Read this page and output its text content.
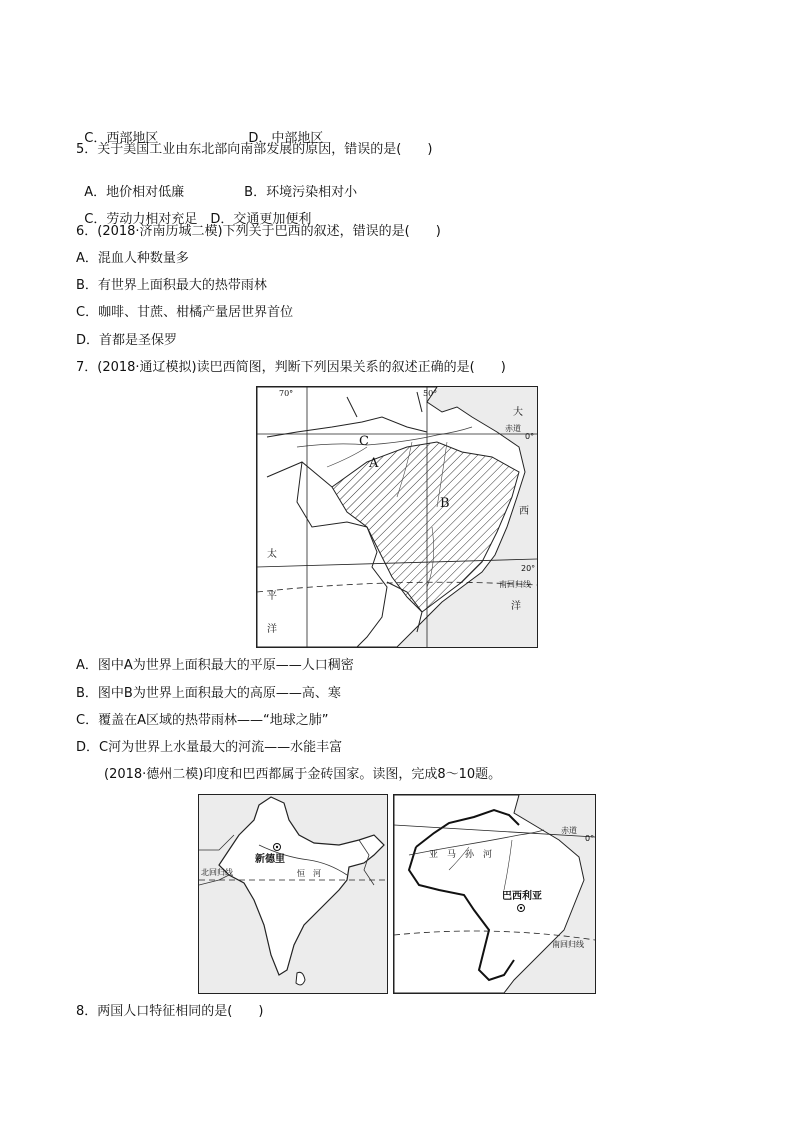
C．西部地区	D．中部地区

5．关于美国工业由东北部向南部发展的原因，错误的是(　　)

A．地价相对低廉	B．环境污染相对小

C．劳动力相对充足 D．交通更加便利

6．(2018·济南历城二模)下列关于巴西的叙述，错误的是(　　)
A．混血人种数量多
B．有世界上面积最大的热带雨林
C．咖啡、甘蔗、柑橘产量居世界首位
D．首都是圣保罗
7．(2018·通辽模拟)读巴西简图，判断下列因果关系的叙述正确的是(　　)
70°	50°
C
A
B
大
赤道
0°
西
20°
南回归线
洋
太
平
洋
A．图中A为世界上面积最大的平原——人口稠密
B．图中B为世界上面积最大的高原——高、寒
C．覆盖在A区域的热带雨林——“地球之肺”
D．C河为世界上水量最大的河流——水能丰富
(2018·德州二模)印度和巴西都属于金砖国家。读图，完成8～10题。
新德里
恒　河
北回归线
赤道
0°
亚　马　孙　河
巴西利亚
南回归线
8．两国人口特征相同的是(　　)
